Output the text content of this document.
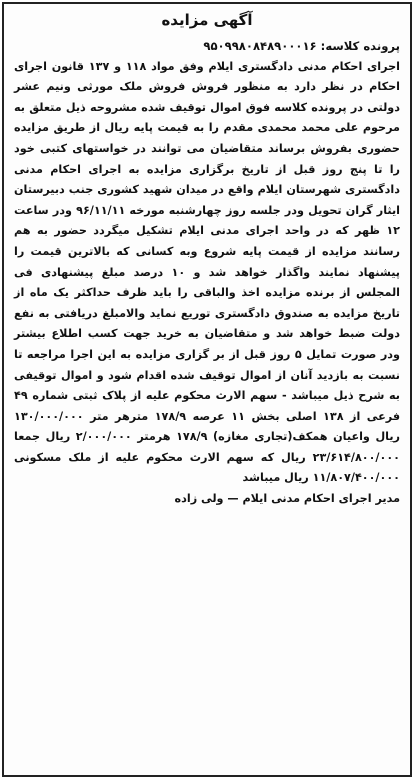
آگهی مزایده

پرونده کلاسه: ۹۵۰۹۹۸۰۸۴۸۹۰۰۰۱۶

اجرای احکام مدنی دادگستری ایلام وفق مواد ۱۱۸ و ۱۳۷ قانون اجرای احکام در نظر دارد به منظور فروش فروش ملک مورثی ونیم عشر دولتی در پرونده کلاسه فوق اموال توقیف شده مشروحه ذیل متعلق به مرحوم علی محمد محمدی مقدم را به قیمت پایه ریال از طریق مزایده حضوری بفروش برساند متقاضیان می توانند در خواستهای کتبی خود را تا پنج روز قبل از تاریخ برگزاری مزایده به اجرای احکام مدنی دادگستری شهرستان ایلام واقع در میدان شهید کشوری جنب دبیرستان ایثار گران تحویل ودر جلسه روز چهارشنبه مورخه ۹۶/۱۱/۱۱ ودر ساعت ۱۲ ظهر که در واحد اجرای مدنی ایلام تشکیل میگردد حضور به هم رسانند مزایده از قیمت پایه شروع وبه کسانی که بالاترین قیمت را پیشنهاد نمایند واگذار خواهد شد و ۱۰ درصد مبلغ پیشنهادی فی المجلس از برنده مزایده اخذ والباقی را باید ظرف حداکثر یک ماه از تاریخ مزایده به صندوق دادگستری توریع نماید والامبلغ دریافتی به نفع دولت ضبط خواهد شد و متقاضیان به خرید جهت کسب اطلاع بیشتر ودر صورت تمایل ۵ روز قبل از بر گزاری مزایده به این اجرا مراجعه تا نسبت به بازدید آنان از اموال توقیف شده اقدام شود و اموال توقیفی به شرح ذیل میباشد - سهم الارث محکوم علیه از پلاک ثبتی شماره ۴۹ فرعی از ۱۳۸ اصلی بخش ۱۱ عرصه ۱۷۸/۹ مترهر متر ۱۳۰/۰۰۰/۰۰۰ ریال واعیان همکف(تجاری مغازه) ۱۷۸/۹ هرمتر ۲/۰۰۰/۰۰۰ ریال جمعا ۲۳/۶۱۴/۸۰۰/۰۰۰ ریال که سهم الارث محکوم علیه از ملک مسکونی ۱۱/۸۰۷/۴۰۰/۰۰۰ ریال میباشد

مدیر اجرای احکام مدنی ایلام — ولی زاده
